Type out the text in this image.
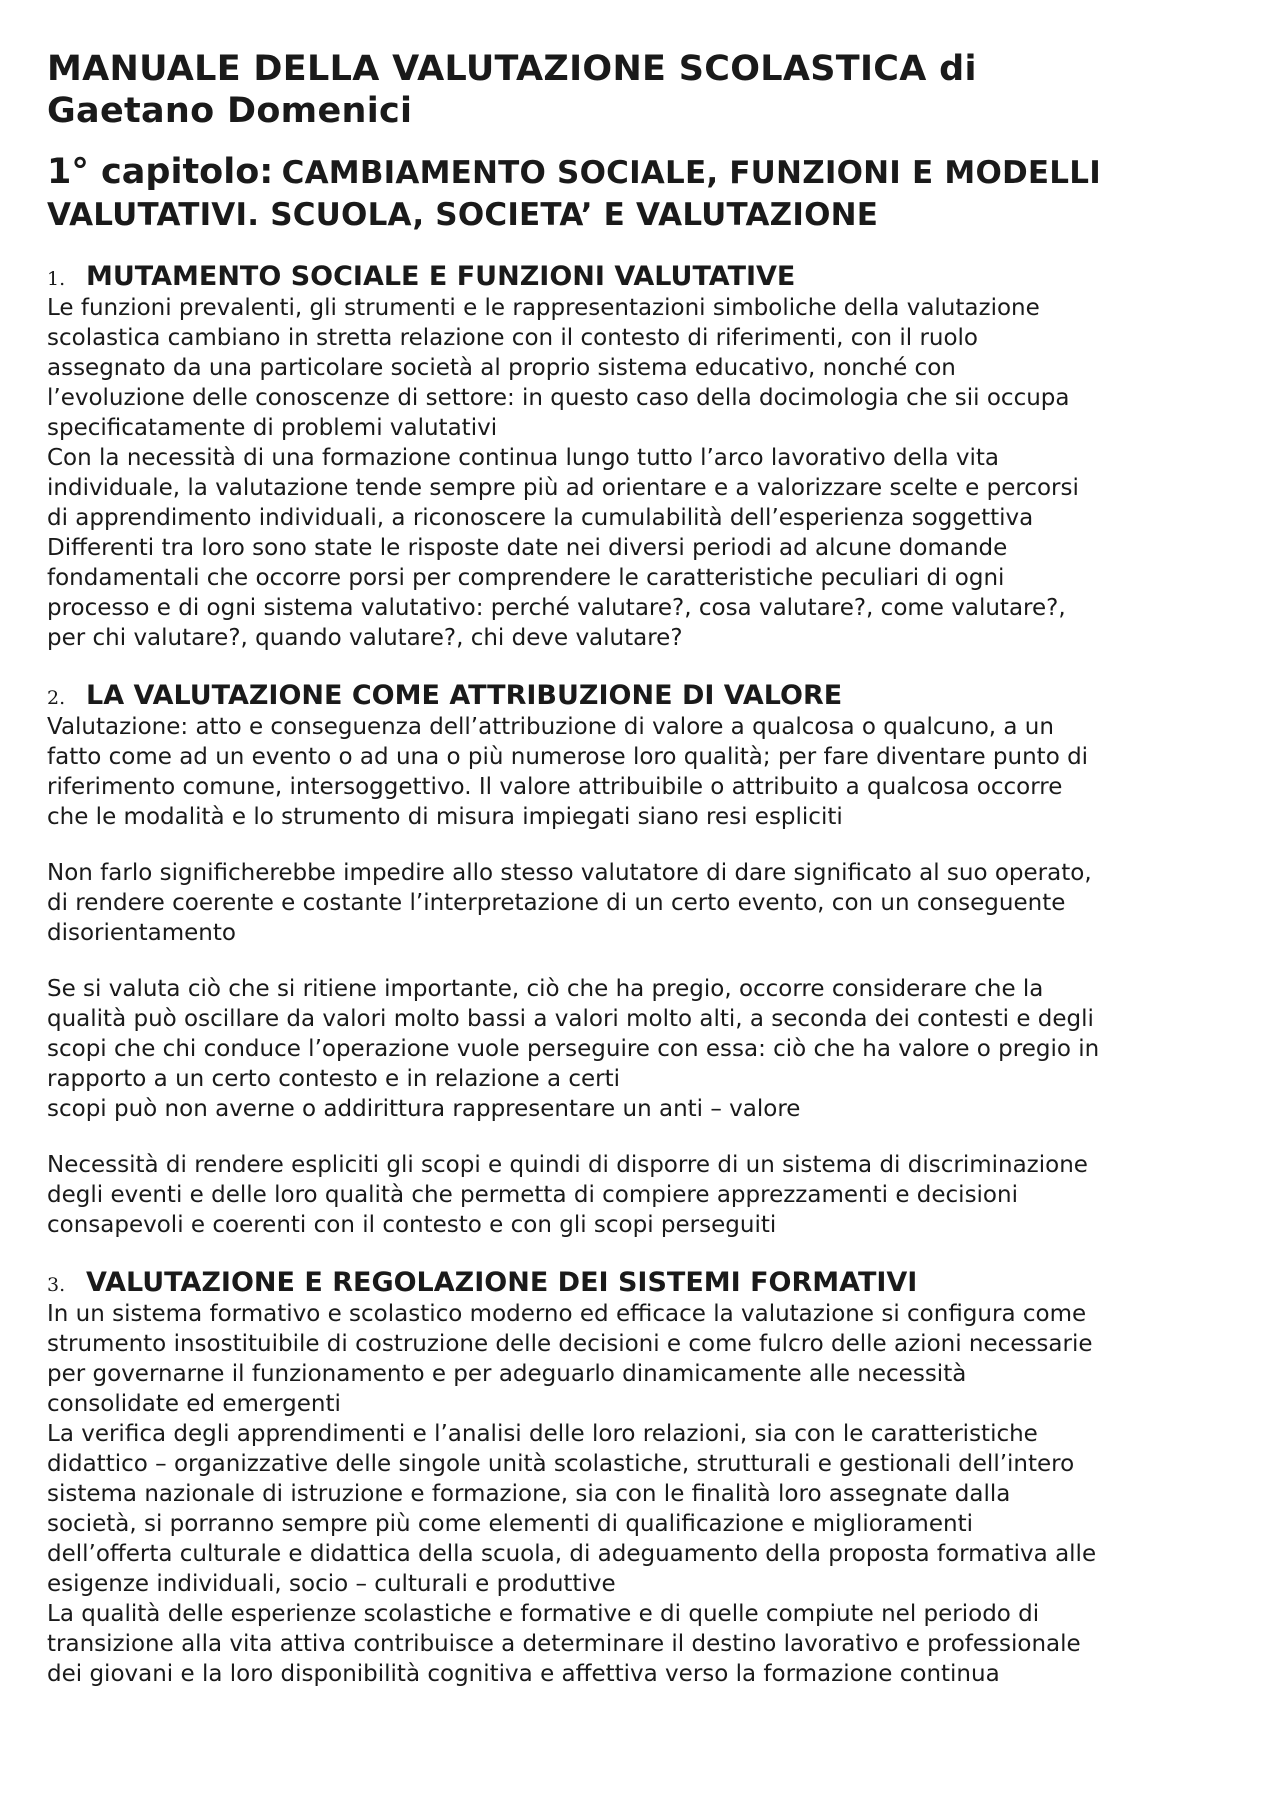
MANUALE DELLA VALUTAZIONE SCOLASTICA di
Gaetano Domenici
1° capitolo: CAMBIAMENTO SOCIALE, FUNZIONI E MODELLI
VALUTATIVI. SCUOLA, SOCIETA’ E VALUTAZIONE
1. MUTAMENTO SOCIALE E FUNZIONI VALUTATIVE

Le funzioni prevalenti, gli strumenti e le rappresentazioni simboliche della valutazione
scolastica cambiano in stretta relazione con il contesto di riferimenti, con il ruolo
assegnato da una particolare società al proprio sistema educativo, nonché con
l’evoluzione delle conoscenze di settore: in questo caso della docimologia che sii occupa
specificatamente di problemi valutativi
Con la necessità di una formazione continua lungo tutto l’arco lavorativo della vita
individuale, la valutazione tende sempre più ad orientare e a valorizzare scelte e percorsi
di apprendimento individuali, a riconoscere la cumulabilità dell’esperienza soggettiva
Differenti tra loro sono state le risposte date nei diversi periodi ad alcune domande
fondamentali che occorre porsi per comprendere le caratteristiche peculiari di ogni
processo e di ogni sistema valutativo: perché valutare?, cosa valutare?, come valutare?,
per chi valutare?, quando valutare?, chi deve valutare?

2. LA VALUTAZIONE COME ATTRIBUZIONE DI VALORE

Valutazione: atto e conseguenza dell’attribuzione di valore a qualcosa o qualcuno, a un
fatto come ad un evento o ad una o più numerose loro qualità; per fare diventare punto di
riferimento comune, intersoggettivo. Il valore attribuibile o attribuito a qualcosa occorre
che le modalità e lo strumento di misura impiegati siano resi espliciti

Non farlo significherebbe impedire allo stesso valutatore di dare significato al suo operato,
di rendere coerente e costante l’interpretazione di un certo evento, con un conseguente
disorientamento

Se si valuta ciò che si ritiene importante, ciò che ha pregio, occorre considerare che la
qualità può oscillare da valori molto bassi a valori molto alti, a seconda dei contesti e degli
scopi che chi conduce l’operazione vuole perseguire con essa: ciò che ha valore o pregio in
rapporto a un certo contesto e in relazione a certi
scopi può non averne o addirittura rappresentare un anti – valore

Necessità di rendere espliciti gli scopi e quindi di disporre di un sistema di discriminazione
degli eventi e delle loro qualità che permetta di compiere apprezzamenti e decisioni
consapevoli e coerenti con il contesto e con gli scopi perseguiti

3. VALUTAZIONE E REGOLAZIONE DEI SISTEMI FORMATIVI

In un sistema formativo e scolastico moderno ed efficace la valutazione si configura come
strumento insostituibile di costruzione delle decisioni e come fulcro delle azioni necessarie
per governarne il funzionamento e per adeguarlo dinamicamente alle necessità
consolidate ed emergenti
La verifica degli apprendimenti e l’analisi delle loro relazioni, sia con le caratteristiche
didattico – organizzative delle singole unità scolastiche, strutturali e gestionali dell’intero
sistema nazionale di istruzione e formazione, sia con le finalità loro assegnate dalla
società, si porranno sempre più come elementi di qualificazione e miglioramenti
dell’offerta culturale e didattica della scuola, di adeguamento della proposta formativa alle
esigenze individuali, socio – culturali e produttive
La qualità delle esperienze scolastiche e formative e di quelle compiute nel periodo di
transizione alla vita attiva contribuisce a determinare il destino lavorativo e professionale
dei giovani e la loro disponibilità cognitiva e affettiva verso la formazione continua
